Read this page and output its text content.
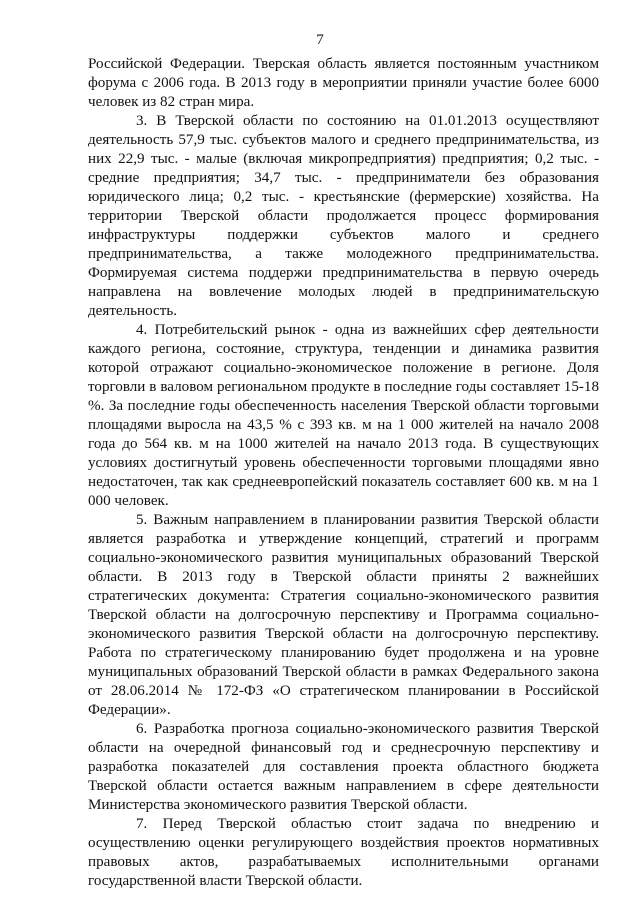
7

Российской Федерации. Тверская область является постоянным участником форума с 2006 года. В 2013 году в мероприятии приняли участие более 6000 человек из 82 стран мира.

3. В Тверской области по состоянию на 01.01.2013 осуществляют деятельность 57,9 тыс. субъектов малого и среднего предпринимательства, из них 22,9 тыс. - малые (включая микропредприятия) предприятия; 0,2 тыс. - средние предприятия; 34,7 тыс. - предприниматели без образования юридического лица; 0,2 тыс. - крестьянские (фермерские) хозяйства. На территории Тверской области продолжается процесс формирования инфраструктуры поддержки субъектов малого и среднего предпринимательства, а также молодежного предпринимательства. Формируемая система поддержи предпринимательства в первую очередь направлена на вовлечение молодых людей в предпринимательскую деятельность.

4. Потребительский рынок - одна из важнейших сфер деятельности каждого региона, состояние, структура, тенденции и динамика развития которой отражают социально-экономическое положение в регионе. Доля торговли в валовом региональном продукте в последние годы составляет 15-18 %. За последние годы обеспеченность населения Тверской области торговыми площадями выросла на 43,5 % с 393 кв. м на 1 000 жителей на начало 2008 года до 564 кв. м на 1000 жителей на начало 2013 года. В существующих условиях достигнутый уровень обеспеченности торговыми площадями явно недостаточен, так как среднеевропейский показатель составляет 600 кв. м на 1 000 человек.

5. Важным направлением в планировании развития Тверской области является разработка и утверждение концепций, стратегий и программ социально-экономического развития муниципальных образований Тверской области. В 2013 году в Тверской области приняты 2 важнейших стратегических документа: Стратегия социально-экономического развития Тверской области на долгосрочную перспективу и Программа социально-экономического развития Тверской области на долгосрочную перспективу. Работа по стратегическому планированию будет продолжена и на уровне муниципальных образований Тверской области в рамках Федерального закона от 28.06.2014 № 172-ФЗ «О стратегическом планировании в Российской Федерации».

6. Разработка прогноза социально-экономического развития Тверской области на очередной финансовый год и среднесрочную перспективу и разработка показателей для составления проекта областного бюджета Тверской области остается важным направлением в сфере деятельности Министерства экономического развития Тверской области.

7. Перед Тверской областью стоит задача по внедрению и осуществлению оценки регулирующего воздействия проектов нормативных правовых актов, разрабатываемых исполнительными органами государственной власти Тверской области.
